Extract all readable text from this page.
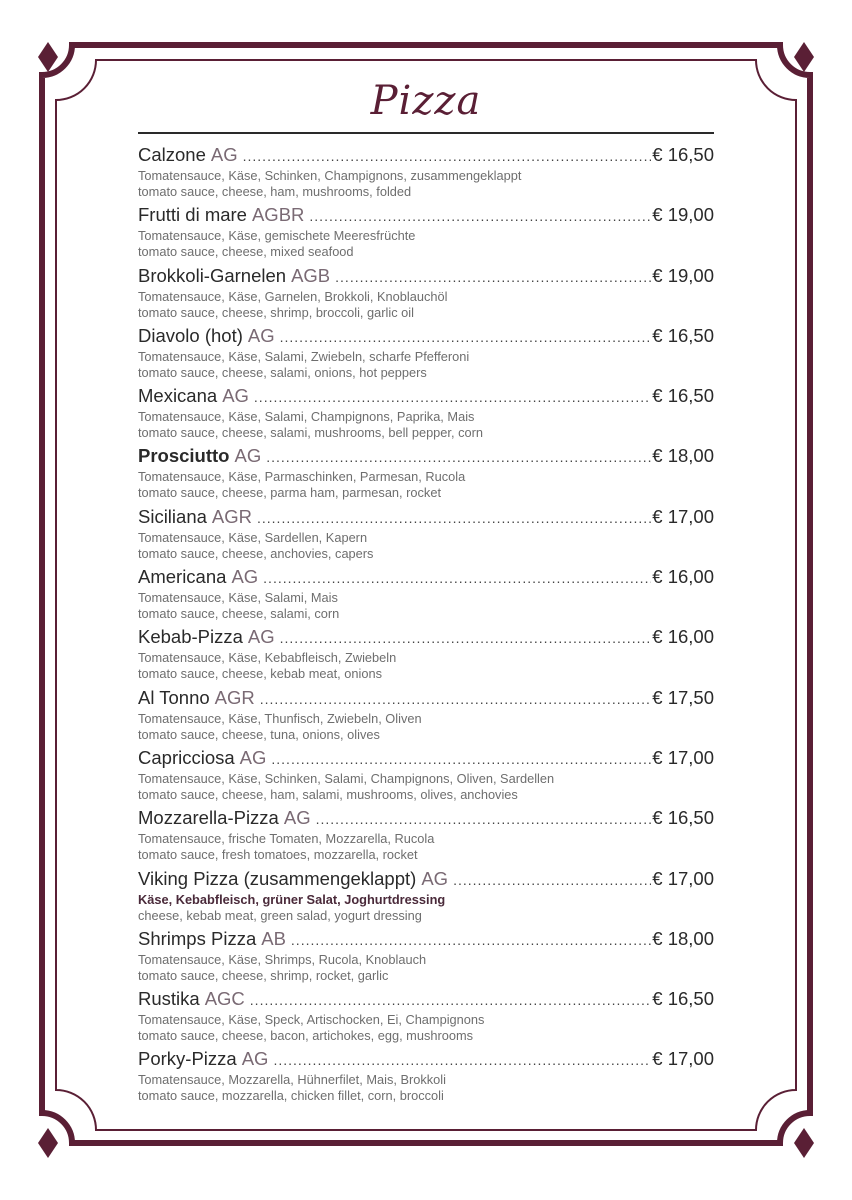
Pizza
Calzone AG .....	€ 16,50
Tomatensauce, Käse, Schinken, Champignons, zusammengeklappt
tomato sauce, cheese, ham, mushrooms, folded
Frutti di mare AGBR .....	€ 19,00
Tomatensauce, Käse, gemischete Meeresfrüchte
tomato sauce, cheese, mixed seafood
Brokkoli-Garnelen AGB .....	€ 19,00
Tomatensauce, Käse, Garnelen, Brokkoli, Knoblauchöl
tomato sauce, cheese, shrimp, broccoli, garlic oil
Diavolo (hot) AG .....	€ 16,50
Tomatensauce, Käse, Salami, Zwiebeln, scharfe Pfefferoni
tomato sauce, cheese, salami, onions, hot peppers
Mexicana AG .....	€ 16,50
Tomatensauce, Käse, Salami, Champignons, Paprika, Mais
tomato sauce, cheese, salami, mushrooms, bell pepper, corn
Prosciutto AG .....	€ 18,00
Tomatensauce, Käse, Parmaschinken, Parmesan, Rucola
tomato sauce, cheese, parma ham, parmesan, rocket
Siciliana AGR .....	€ 17,00
Tomatensauce, Käse, Sardellen, Kapern
tomato sauce, cheese, anchovies, capers
Americana AG .....	€ 16,00
Tomatensauce, Käse, Salami, Mais
tomato sauce, cheese, salami, corn
Kebab-Pizza AG .....	€ 16,00
Tomatensauce, Käse, Kebabfleisch, Zwiebeln
tomato sauce, cheese, kebab meat, onions
Al Tonno AGR .....	€ 17,50
Tomatensauce, Käse, Thunfisch, Zwiebeln, Oliven
tomato sauce, cheese, tuna, onions, olives
Capricciosa AG .....	€ 17,00
Tomatensauce, Käse, Schinken, Salami, Champignons, Oliven, Sardellen
tomato sauce, cheese, ham, salami, mushrooms, olives, anchovies
Mozzarella-Pizza AG .....	€ 16,50
Tomatensauce, frische Tomaten, Mozzarella, Rucola
tomato sauce, fresh tomatoes, mozzarella, rocket
Viking Pizza (zusammengeklappt) AG .....	€ 17,00
Käse, Kebabfleisch, grüner Salat, Joghurtdressing
cheese, kebab meat, green salad, yogurt dressing
Shrimps Pizza AB .....	€ 18,00
Tomatensauce, Käse, Shrimps, Rucola, Knoblauch
tomato sauce, cheese, shrimp, rocket, garlic
Rustika AGC .....	€ 16,50
Tomatensauce, Käse, Speck, Artischocken, Ei, Champignons
tomato sauce, cheese, bacon, artichokes, egg, mushrooms
Porky-Pizza AG .....	€ 17,00
Tomatensauce, Mozzarella, Hühnerfilet, Mais, Brokkoli
tomato sauce, mozzarella, chicken fillet, corn, broccoli
